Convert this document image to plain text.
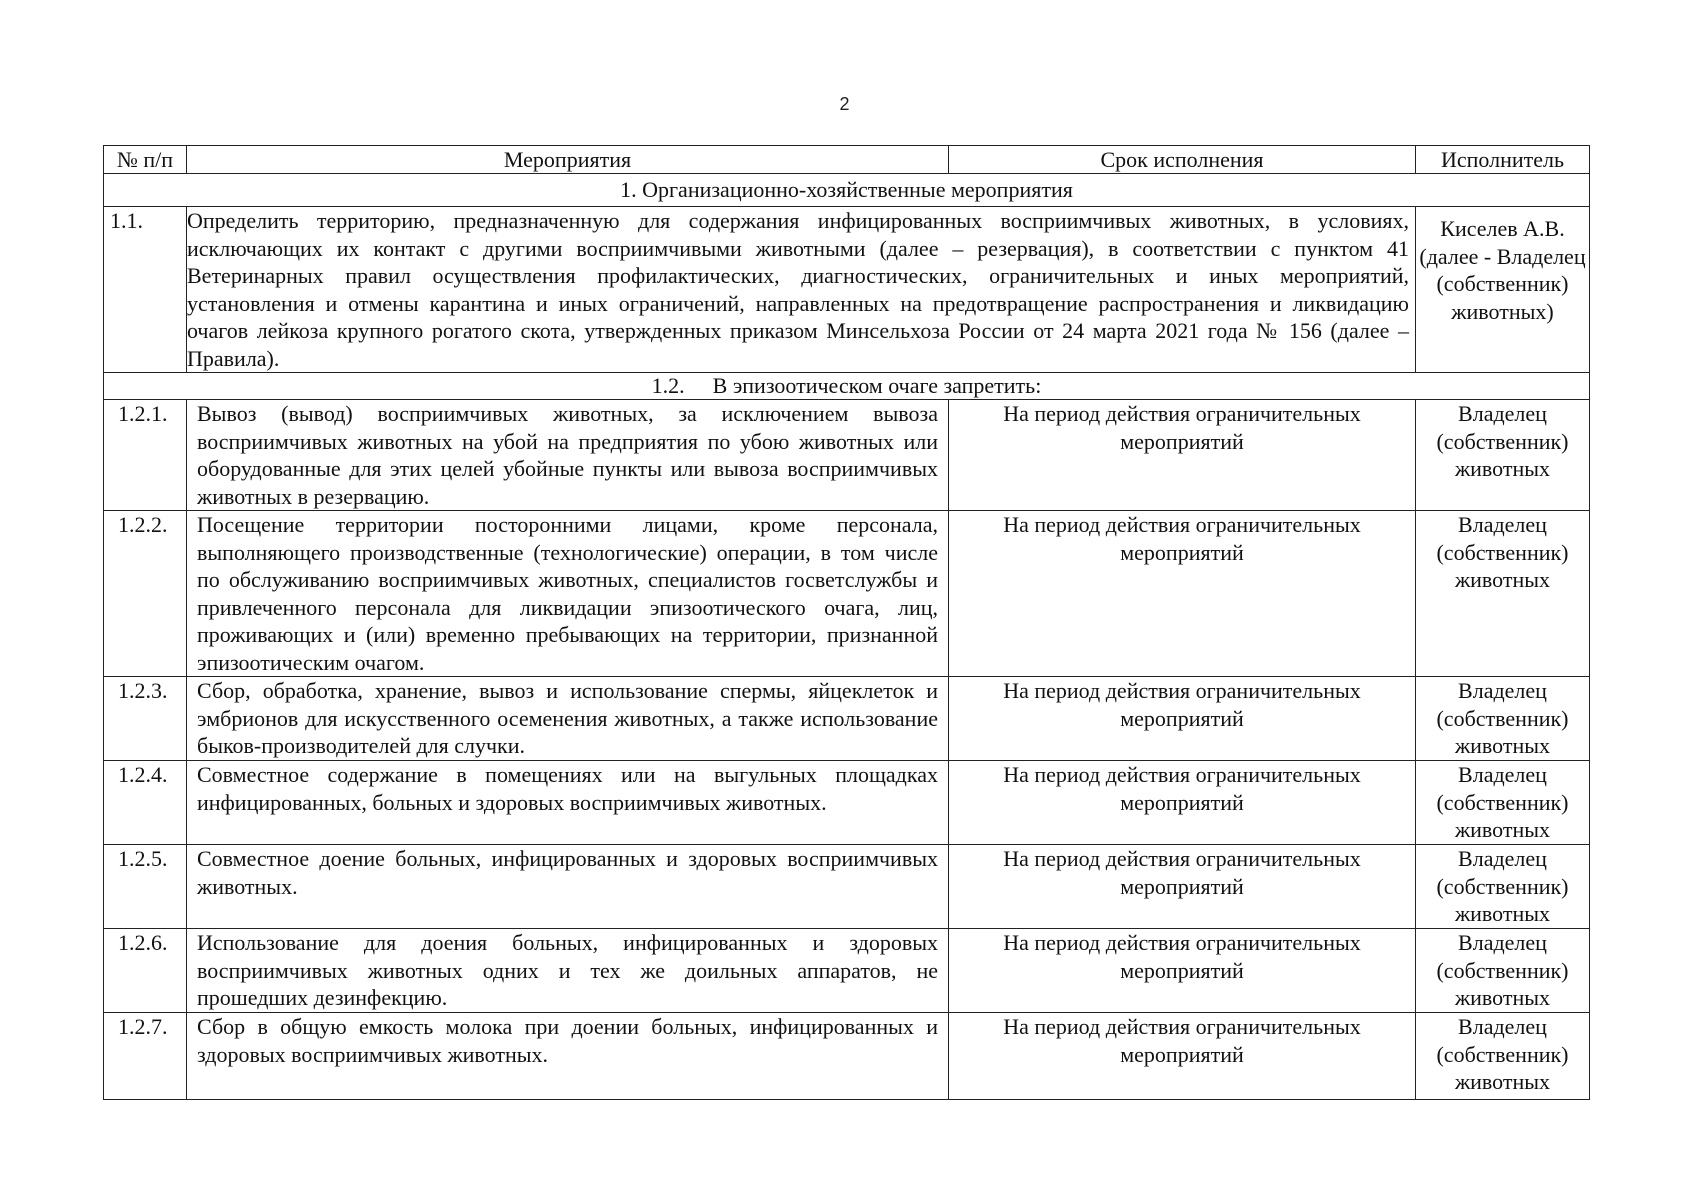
2
№ п/п	Мероприятия	Срок исполнения	Исполнитель
1. Организационно-хозяйственные мероприятия			
1.1.	Определить территорию, предназначенную для содержания инфицированных восприимчивых животных, в условиях, исключающих их контакт с другими восприимчивыми животными (далее – резервация), в соответствии с пунктом 41 Ветеринарных правил осуществления профилактических, диагностических, ограничительных и иных мероприятий, установления и отмены карантина и иных ограничений, направленных на предотвращение распространения и ликвидацию очагов лейкоза крупного рогатого скота, утвержденных приказом Минсельхоза России от 24 марта 2021 года № 156 (далее – Правила).		Киселев А.В. (далее - Владелец (собственник) животных)
1.2. В эпизоотическом очаге запретить:			
1.2.1.	Вывоз (вывод) восприимчивых животных, за исключением вывоза восприимчивых животных на убой на предприятия по убою животных или оборудованные для этих целей убойные пункты или вывоза восприимчивых животных в резервацию.	На период действия ограничительных мероприятий	Владелец (собственник) животных
1.2.2.	Посещение территории посторонними лицами, кроме персонала, выполняющего производственные (технологические) операции, в том числе по обслуживанию восприимчивых животных, специалистов госветслужбы и привлеченного персонала для ликвидации эпизоотического очага, лиц, проживающих и (или) временно пребывающих на территории, признанной эпизоотическим очагом.	На период действия ограничительных мероприятий	Владелец (собственник) животных
1.2.3.	Сбор, обработка, хранение, вывоз и использование спермы, яйцеклеток и эмбрионов для искусственного осеменения животных, а также использование быков-производителей для случки.	На период действия ограничительных мероприятий	Владелец (собственник) животных
1.2.4.	Совместное содержание в помещениях или на выгульных площадках инфицированных, больных и здоровых восприимчивых животных.	На период действия ограничительных мероприятий	Владелец (собственник) животных
1.2.5.	Совместное доение больных, инфицированных и здоровых восприимчивых животных.	На период действия ограничительных мероприятий	Владелец (собственник) животных
1.2.6.	Использование для доения больных, инфицированных и здоровых восприимчивых животных одних и тех же доильных аппаратов, не прошедших дезинфекцию.	На период действия ограничительных мероприятий	Владелец (собственник) животных
1.2.7.	Сбор в общую емкость молока при доении больных, инфицированных и здоровых восприимчивых животных.	На период действия ограничительных мероприятий	Владелец (собственник) животных
